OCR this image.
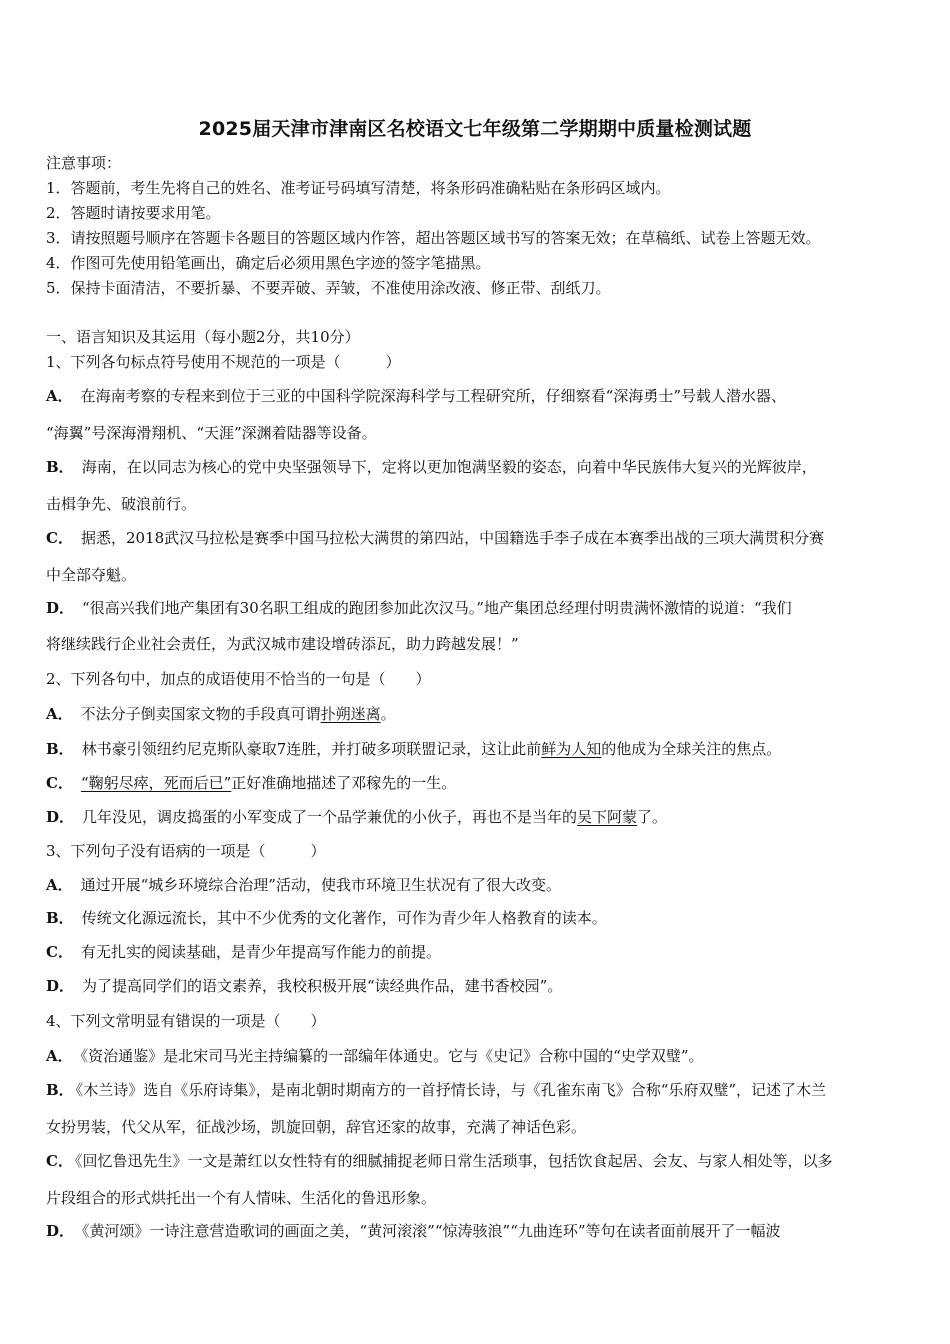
2025届天津市津南区名校语文七年级第二学期期中质量检测试题
注意事项：
1．答题前，考生先将自己的姓名、准考证号码填写清楚，将条形码准确粘贴在条形码区域内。
2．答题时请按要求用笔。
3．请按照题号顺序在答题卡各题目的答题区域内作答，超出答题区域书写的答案无效；在草稿纸、试卷上答题无效。
4．作图可先使用铅笔画出，确定后必须用黑色字迹的签字笔描黑。
5．保持卡面清洁，不要折暴、不要弄破、弄皱，不准使用涂改液、修正带、刮纸刀。
一、语言知识及其运用（每小题2分，共10分）
1、下列各句标点符号使用不规范的一项是（　　　）
A． 在海南考察的专程来到位于三亚的中国科学院深海科学与工程研究所，仔细察看“深海勇士”号载人潜水器、
“海翼”号深海滑翔机、“天涯”深渊着陆器等设备。
B． 海南，在以同志为核心的党中央坚强领导下，定将以更加饱满坚毅的姿态，向着中华民族伟大复兴的光辉彼岸，
击楫争先、破浪前行。
C． 据悉，2018武汉马拉松是赛季中国马拉松大满贯的第四站，中国籍选手李子成在本赛季出战的三项大满贯积分赛
中全部夺魁。
D． “很高兴我们地产集团有30名职工组成的跑团参加此次汉马。”地产集团总经理付明贵满怀激情的说道：“我们
将继续践行企业社会责任，为武汉城市建设增砖添瓦，助力跨越发展！”
2、下列各句中，加点的成语使用不恰当的一句是（　　）
A． 不法分子倒卖国家文物的手段真可谓扑朔迷离。
B． 林书豪引领纽约尼克斯队豪取7连胜，并打破多项联盟记录，这让此前鲜为人知的他成为全球关注的焦点。
C． “鞠躬尽瘁，死而后已”正好准确地描述了邓稼先的一生。
D． 几年没见，调皮捣蛋的小军变成了一个品学兼优的小伙子，再也不是当年的吴下阿蒙了。
3、下列句子没有语病的一项是（　　　）
A． 通过开展“城乡环境综合治理”活动，使我市环境卫生状况有了很大改变。
B． 传统文化源远流长，其中不少优秀的文化著作，可作为青少年人格教育的读本。
C． 有无扎实的阅读基础，是青少年提高写作能力的前提。
D． 为了提高同学们的语文素养，我校积极开展“读经典作品，建书香校园”。
4、下列文常明显有错误的一项是（　　）
A． 《资治通鉴》是北宋司马光主持编纂的一部编年体通史。它与《史记》合称中国的“史学双璧”。
B． 《木兰诗》选自《乐府诗集》，是南北朝时期南方的一首抒情长诗，与《孔雀东南飞》合称“乐府双璧”，记述了木兰
女扮男装，代父从军，征战沙场，凯旋回朝，辞官还家的故事，充满了神话色彩。
C． 《回忆鲁迅先生》一文是萧红以女性特有的细腻捕捉老师日常生活琐事，包括饮食起居、会友、与家人相处等，以多
片段组合的形式烘托出一个有人情味、生活化的鲁迅形象。
D． 《黄河颂》一诗注意营造歌词的画面之美，“黄河滚滚”“惊涛骇浪”“九曲连环”等句在读者面前展开了一幅波
